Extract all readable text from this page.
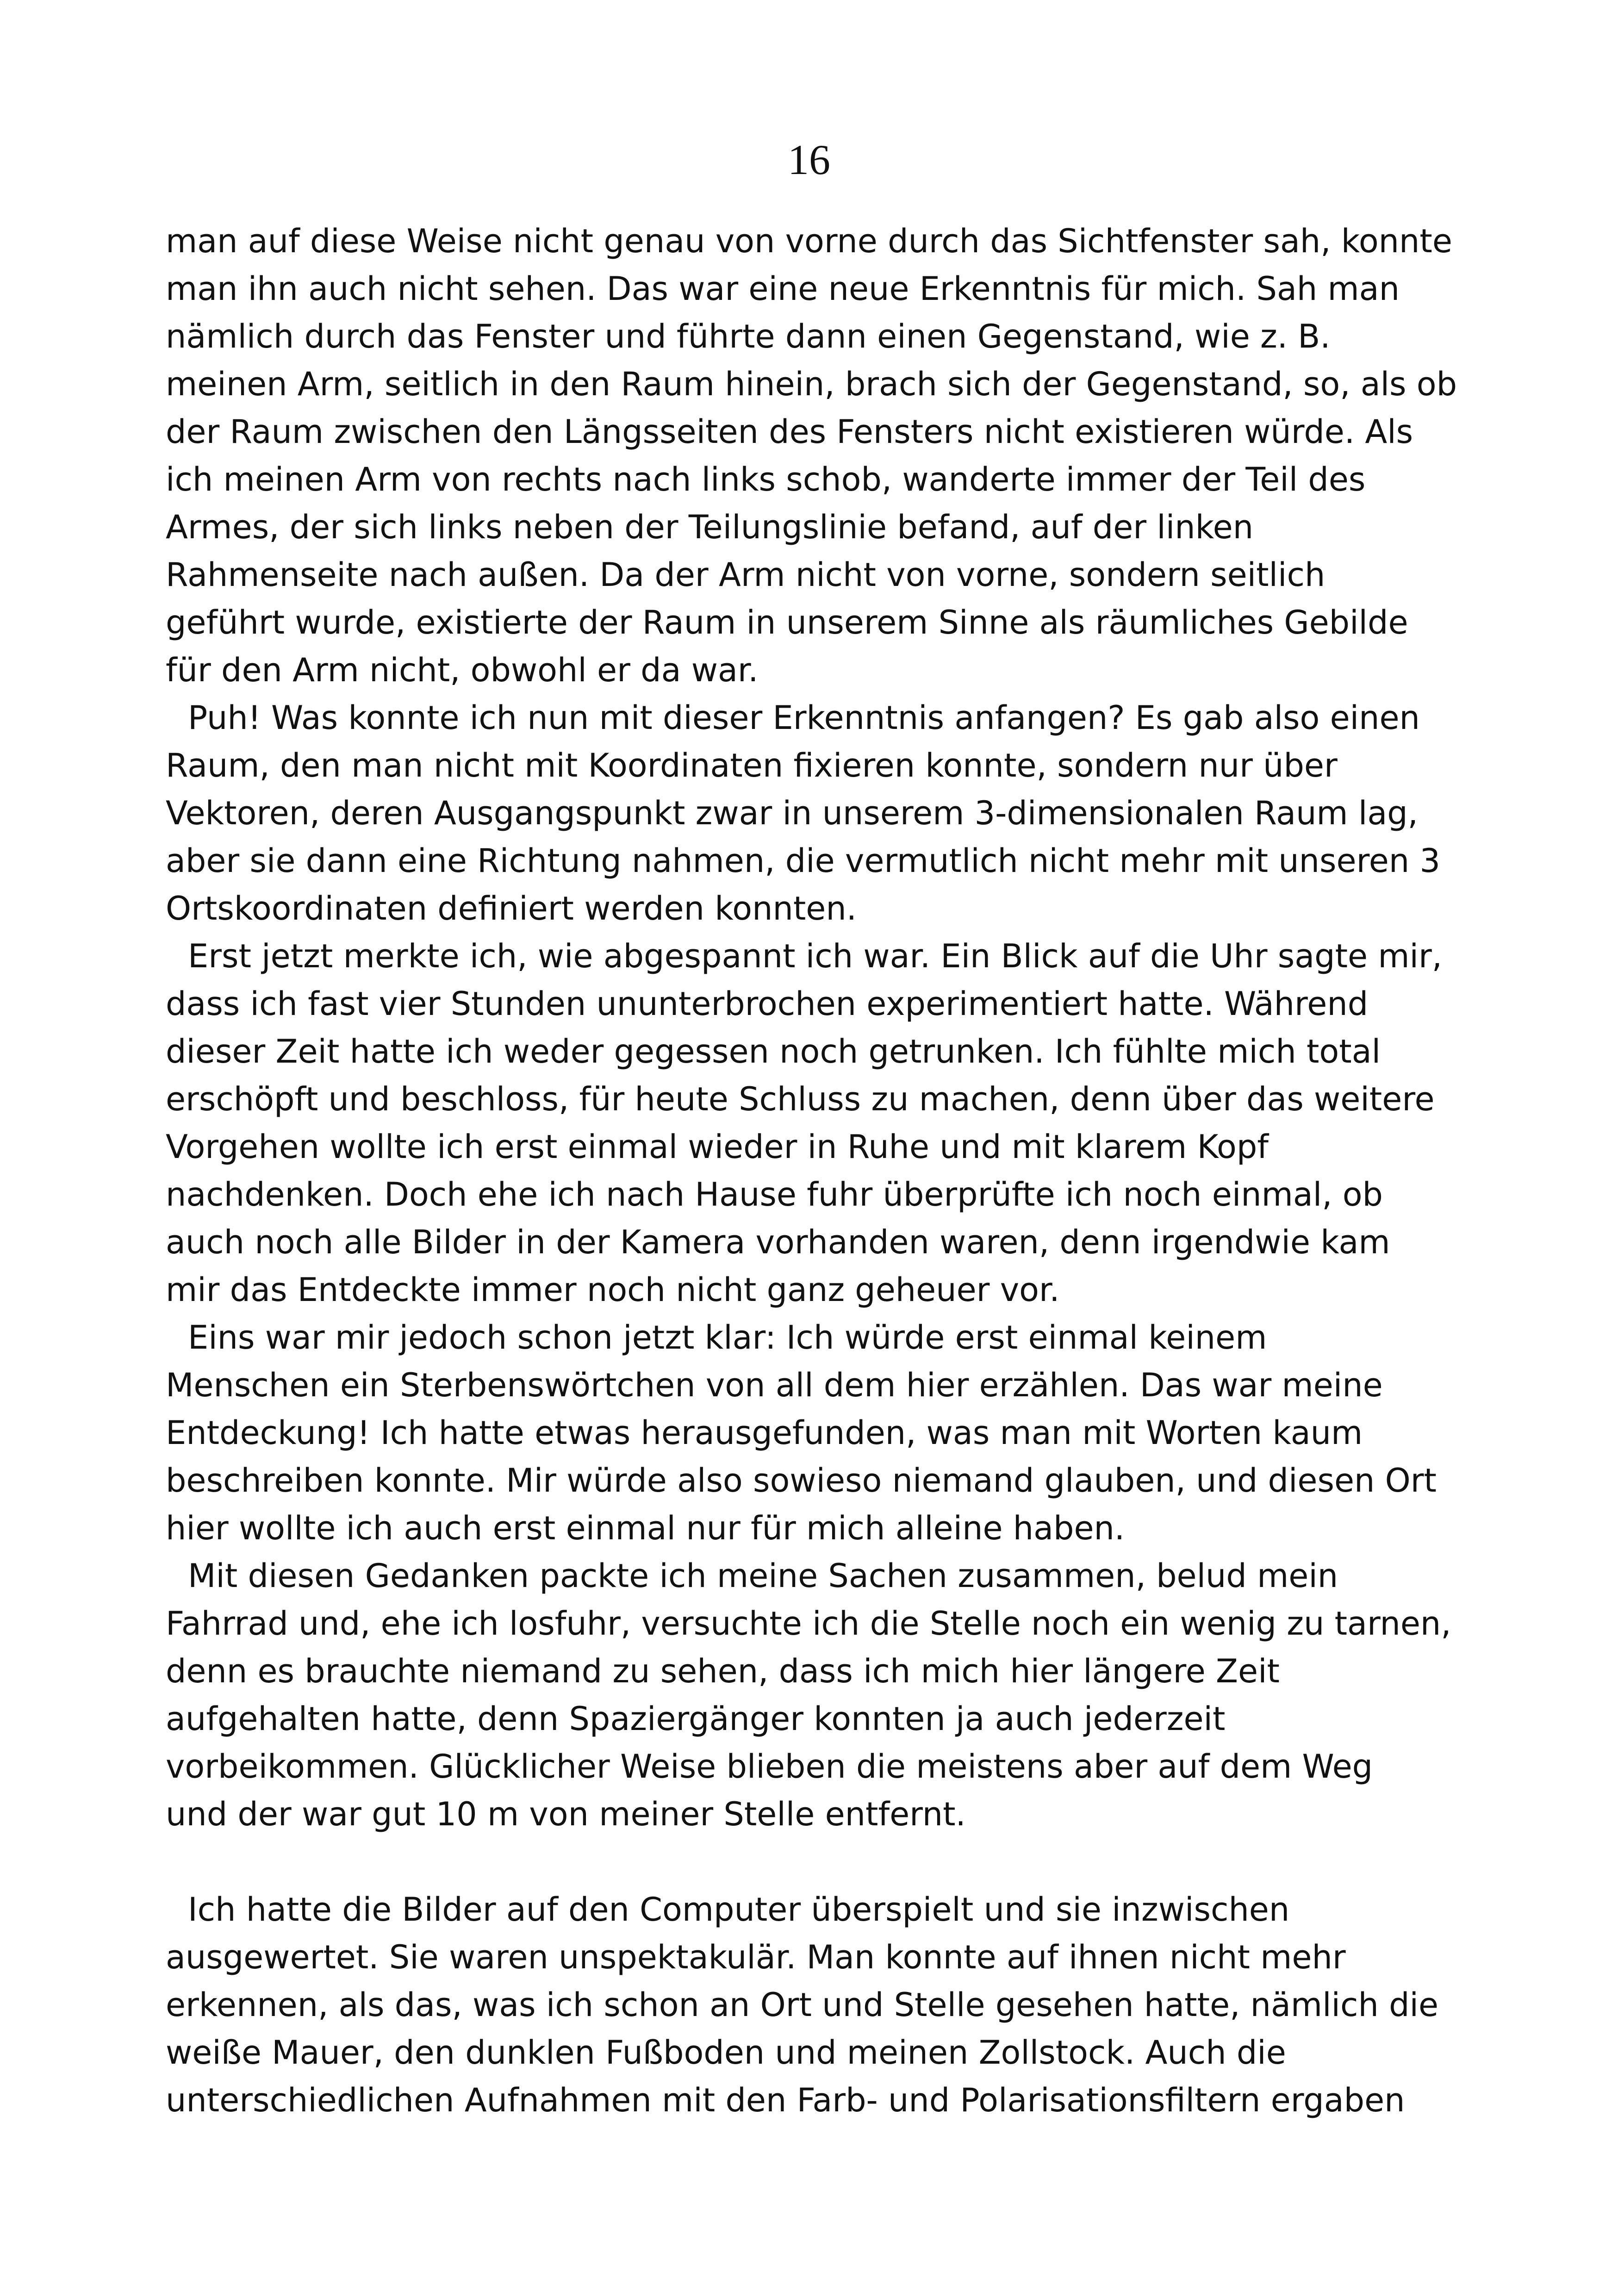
16
man auf diese Weise nicht genau von vorne durch das Sichtfenster sah, konnte
man ihn auch nicht sehen. Das war eine neue Erkenntnis für mich. Sah man
nämlich durch das Fenster und führte dann einen Gegenstand, wie z. B.
meinen Arm, seitlich in den Raum hinein, brach sich der Gegenstand, so, als ob
der Raum zwischen den Längsseiten des Fensters nicht existieren würde. Als
ich meinen Arm von rechts nach links schob, wanderte immer der Teil des
Armes, der sich links neben der Teilungslinie befand, auf der linken
Rahmenseite nach außen. Da der Arm nicht von vorne, sondern seitlich
geführt wurde, existierte der Raum in unserem Sinne als räumliches Gebilde
für den Arm nicht, obwohl er da war.
Puh! Was konnte ich nun mit dieser Erkenntnis anfangen? Es gab also einen
Raum, den man nicht mit Koordinaten fixieren konnte, sondern nur über
Vektoren, deren Ausgangspunkt zwar in unserem 3-dimensionalen Raum lag,
aber sie dann eine Richtung nahmen, die vermutlich nicht mehr mit unseren 3
Ortskoordinaten definiert werden konnten.
Erst jetzt merkte ich, wie abgespannt ich war. Ein Blick auf die Uhr sagte mir,
dass ich fast vier Stunden ununterbrochen experimentiert hatte. Während
dieser Zeit hatte ich weder gegessen noch getrunken. Ich fühlte mich total
erschöpft und beschloss, für heute Schluss zu machen, denn über das weitere
Vorgehen wollte ich erst einmal wieder in Ruhe und mit klarem Kopf
nachdenken. Doch ehe ich nach Hause fuhr überprüfte ich noch einmal, ob
auch noch alle Bilder in der Kamera vorhanden waren, denn irgendwie kam
mir das Entdeckte immer noch nicht ganz geheuer vor.
Eins war mir jedoch schon jetzt klar: Ich würde erst einmal keinem
Menschen ein Sterbenswörtchen von all dem hier erzählen. Das war meine
Entdeckung! Ich hatte etwas herausgefunden, was man mit Worten kaum
beschreiben konnte. Mir würde also sowieso niemand glauben, und diesen Ort
hier wollte ich auch erst einmal nur für mich alleine haben.
Mit diesen Gedanken packte ich meine Sachen zusammen, belud mein
Fahrrad und, ehe ich losfuhr, versuchte ich die Stelle noch ein wenig zu tarnen,
denn es brauchte niemand zu sehen, dass ich mich hier längere Zeit
aufgehalten hatte, denn Spaziergänger konnten ja auch jederzeit
vorbeikommen. Glücklicher Weise blieben die meistens aber auf dem Weg
und der war gut 10 m von meiner Stelle entfernt.
Ich hatte die Bilder auf den Computer überspielt und sie inzwischen
ausgewertet. Sie waren unspektakulär. Man konnte auf ihnen nicht mehr
erkennen, als das, was ich schon an Ort und Stelle gesehen hatte, nämlich die
weiße Mauer, den dunklen Fußboden und meinen Zollstock. Auch die
unterschiedlichen Aufnahmen mit den Farb- und Polarisationsfiltern ergaben
